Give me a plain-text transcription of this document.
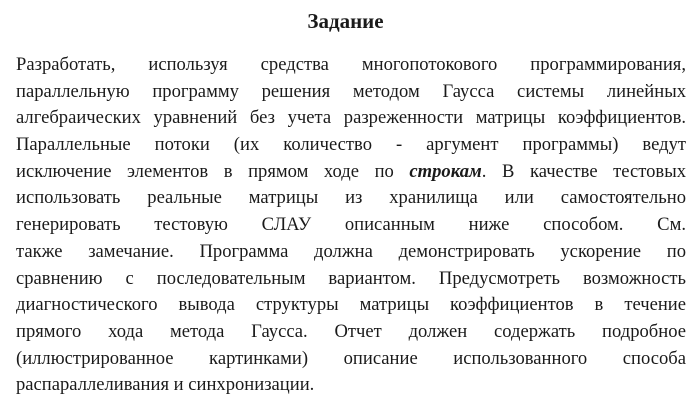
Задание
Разработать, используя средства многопотокового программирования,
параллельную программу решения методом Гаусса системы линейных
алгебраических уравнений без учета разреженности матрицы коэффициентов.
Параллельные потоки (их количество - аргумент программы) ведут
исключение элементов в прямом ходе по строкам. В качестве тестовых
использовать реальные матрицы из хранилища или самостоятельно
генерировать тестовую СЛАУ описанным ниже способом. См.
также замечание. Программа должна демонстрировать ускорение по
сравнению с последовательным вариантом. Предусмотреть возможность
диагностического вывода структуры матрицы коэффициентов в течение
прямого хода метода Гаусса. Отчет должен содержать подробное
(иллюстрированное картинками) описание использованного способа
распараллеливания и синхронизации.
